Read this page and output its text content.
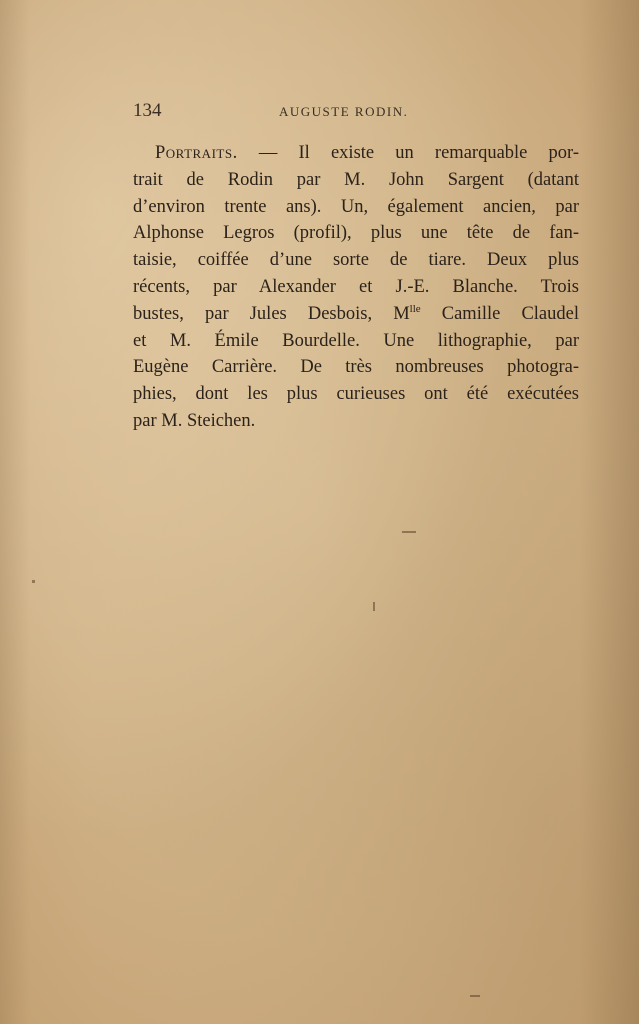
134	AUGUSTE RODIN.
Portraits. — Il existe un remarquable por-
trait de Rodin par M. John Sargent (datant
d’environ trente ans). Un, également ancien, par
Alphonse Legros (profil), plus une tête de fan-
taisie, coiffée d’une sorte de tiare. Deux plus
récents, par Alexander et J.-E. Blanche. Trois
bustes, par Jules Desbois, $M^{lle}$ Camille Claudel
et M. Émile Bourdelle. Une lithographie, par
Eugène Carrière. De très nombreuses photogra-
phies, dont les plus curieuses ont été exécutées
par M. Steichen.
